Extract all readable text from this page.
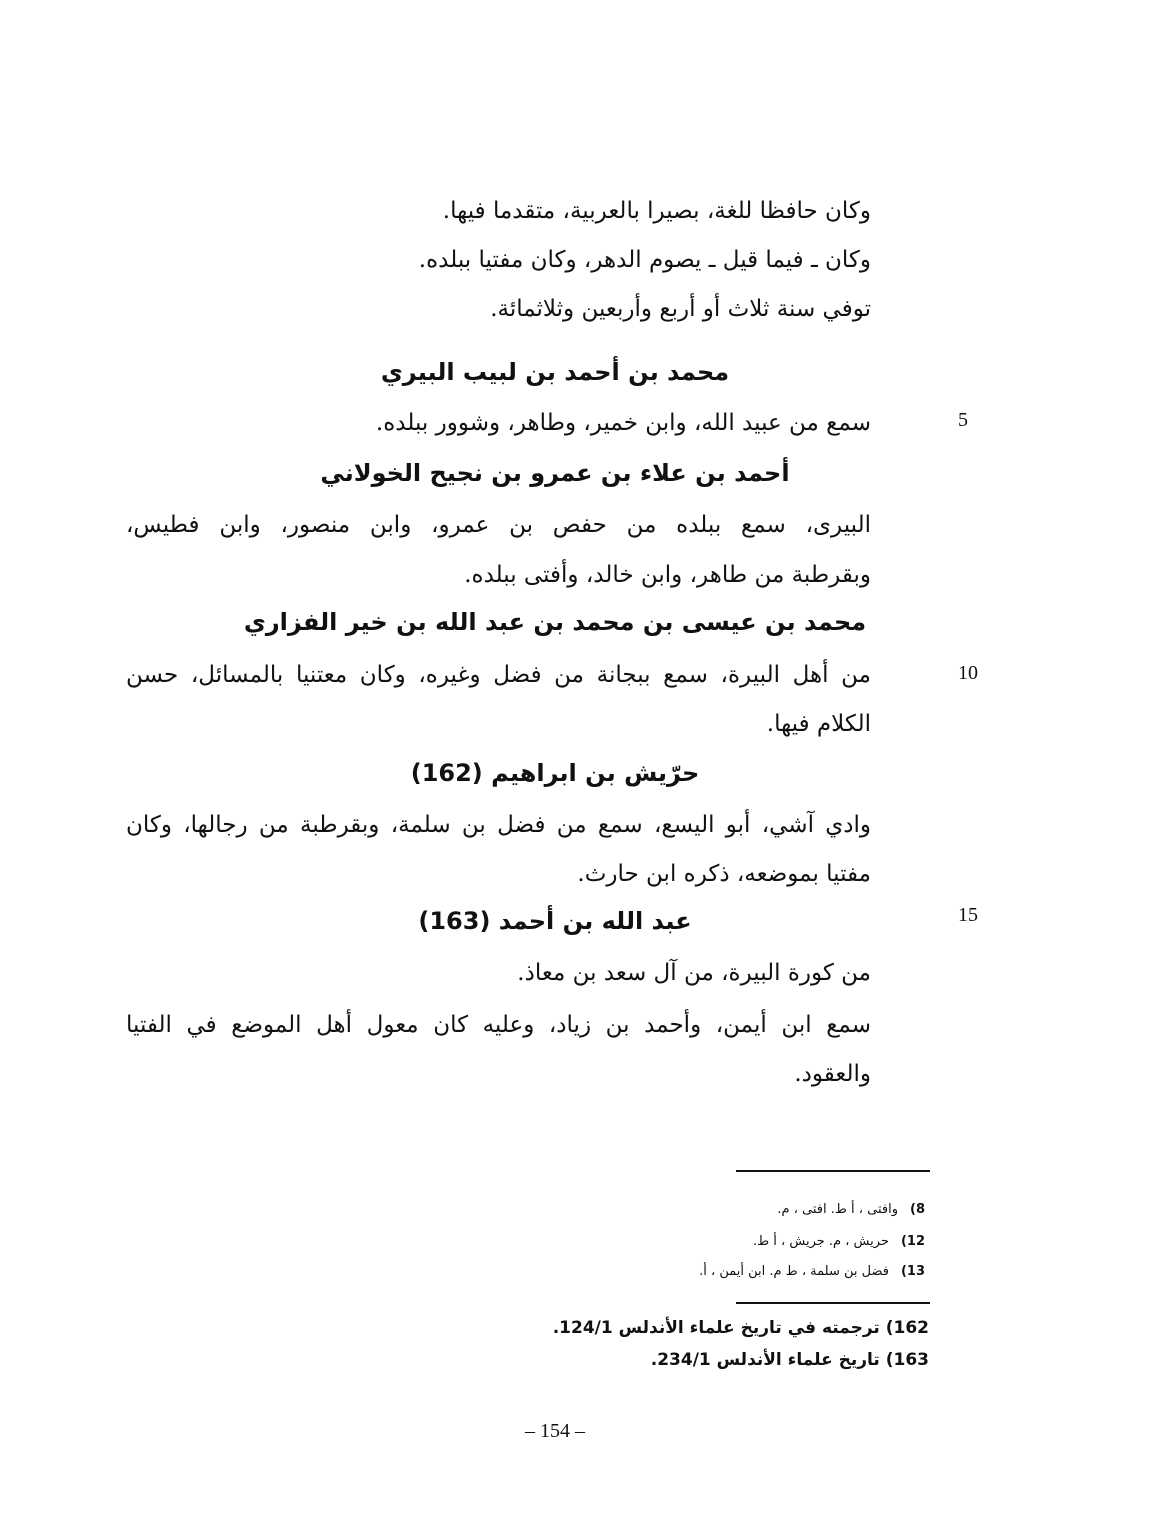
وكان حافظا للغة، بصيرا بالعربية، متقدما فيها.
وكان ـ فيما قيل ـ يصوم الدهر، وكان مفتيا ببلده.
توفي سنة ثلاث أو أربع وأربعين وثلاثمائة.
محمد بن أحمد بن لبيب البيري
5
سمع من عبيد الله، وابن خمير، وطاهر، وشوور ببلده.
أحمد بن علاء بن عمرو بن نجيح الخولاني
البيرى، سمع ببلده من حفص بن عمرو، وابن منصور، وابن فطيس،
وبقرطبة من طاهر، وابن خالد، وأفتى ببلده.
محمد بن عيسى بن محمد بن عبد الله بن خير الفزاري
10
من أهل البيرة، سمع ببجانة من فضل وغيره، وكان معتنيا بالمسائل، حسن
الكلام فيها.
حرّيش بن ابراهيم (162)
وادي آشي، أبو اليسع، سمع من فضل بن سلمة، وبقرطبة من رجالها، وكان
مفتيا بموضعه، ذكره ابن حارث.
عبد الله بن أحمد (163)	15
من كورة البيرة، من آل سعد بن معاذ.
سمع ابن أيمن، وأحمد بن زياد، وعليه كان معول أهل الموضع في الفتيا
والعقود.
8)وافتى ، أ ط. افتى ، م.
12)حريش ، م. جريش ، أ ط.
13)فضل بن سلمة ، ط م. ابن أيمن ، أ.
162) ترجمته في تاريخ علماء الأندلس 124/1.
163) تاريخ علماء الأندلس 234/1.
– 154 –
